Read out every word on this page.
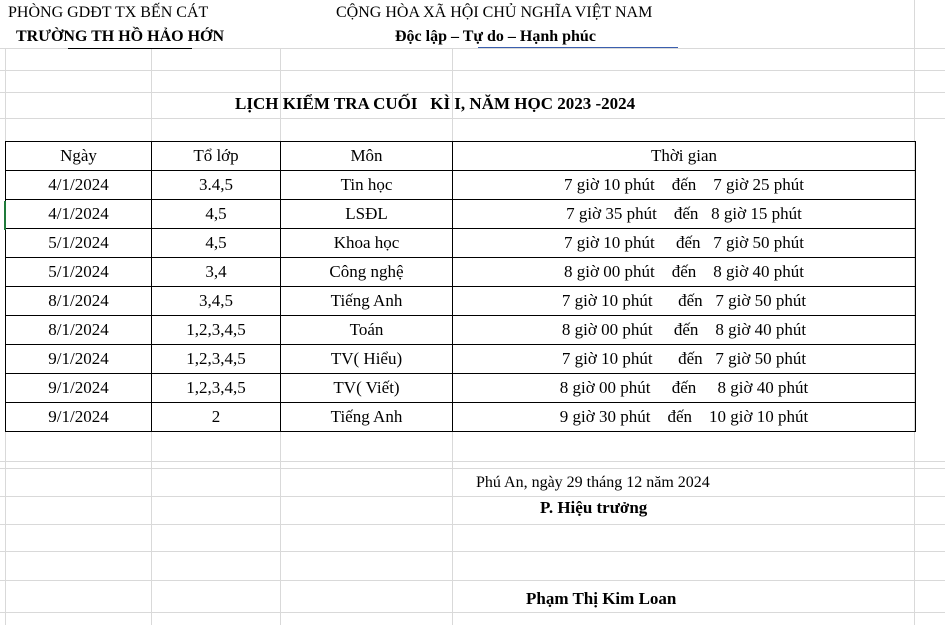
PHÒNG GDĐT TX BẾN CÁT
TRƯỜNG TH HỒ HẢO HỚN
CỘNG HÒA XÃ HỘI CHỦ NGHĨA VIỆT NAM
Độc lập – Tự do – Hạnh phúc
LỊCH KIỂM TRA CUỐI   KÌ I, NĂM HỌC 2023 -2024
Ngày	Tổ lớp	Môn	Thời gian
4/1/2024	3.4,5	Tin học	7 giờ 10 phút    đến    7 giờ 25 phút
4/1/2024	4,5	LSĐL	7 giờ 35 phút    đến   8 giờ 15 phút
5/1/2024	4,5	Khoa học	7 giờ 10 phút     đến   7 giờ 50 phút
5/1/2024	3,4	Công nghệ	8 giờ 00 phút    đến    8 giờ 40 phút
8/1/2024	3,4,5	Tiếng Anh	7 giờ 10 phút      đến   7 giờ 50 phút
8/1/2024	1,2,3,4,5	Toán	8 giờ 00 phút     đến    8 giờ 40 phút
9/1/2024	1,2,3,4,5	TV( Hiểu)	7 giờ 10 phút      đến   7 giờ 50 phút
9/1/2024	1,2,3,4,5	TV( Viết)	8 giờ 00 phút     đến     8 giờ 40 phút
9/1/2024	2	Tiếng Anh	9 giờ 30 phút    đến    10 giờ 10 phút
Phú An, ngày 29 tháng 12 năm 2024
P. Hiệu trưởng
Phạm Thị Kim Loan
